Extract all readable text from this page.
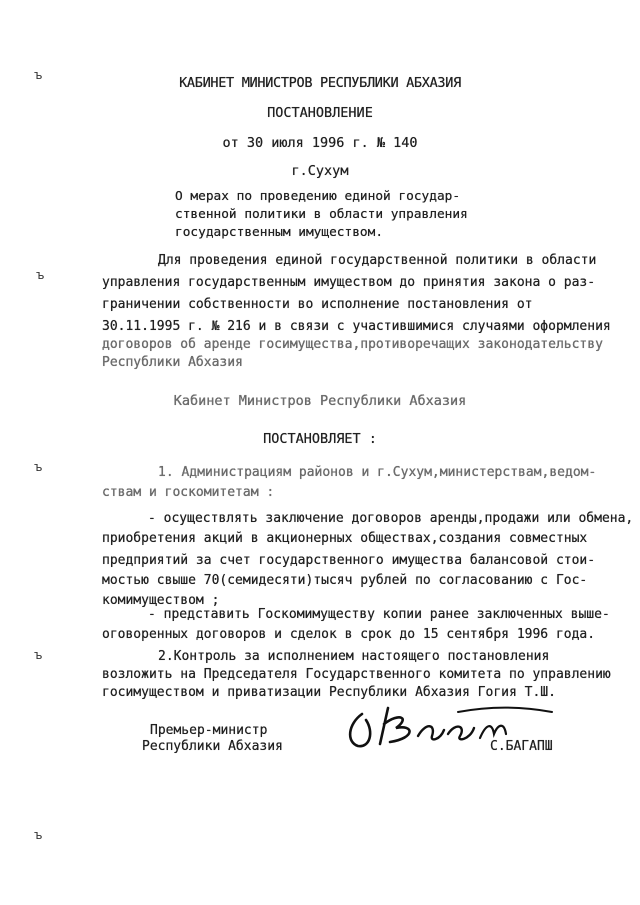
ъ
ъ
ъ
ъ
ъ
КАБИНЕТ МИНИСТРОВ РЕСПУБЛИКИ АБХАЗИЯ
ПОСТАНОВЛЕНИЕ
от 30 июля 1996 г. № 140
г.Сухум
О мерах по проведению единой государ-
ственной политики в области управления
государственным имуществом.
Для проведения единой государственной политики в области
управления государственным имуществом до принятия закона о раз-
граничении собственности во исполнение постановления от
30.11.1995 г. № 216 и в связи с участившимися случаями оформления
договоров об аренде госимущества,противоречащих законодательству
Республики Абхазия
Кабинет Министров Республики Абхазия
ПОСТАНОВЛЯЕТ :
1. Администрациям районов и г.Сухум,министерствам,ведом-
ствам и госкомитетам :
- осуществлять заключение договоров аренды,продажи или обмена,
приобретения акций в акционерных обществах,создания совместных
предприятий за счет государственного имущества балансовой стои-
мостью свыше 70(семидесяти)тысяч рублей по согласованию с Гос-
комимуществом ;
- представить Госкомимуществу копии ранее заключенных выше-
оговоренных договоров и сделок в срок до 15 сентября 1996 года.
2.Контроль за исполнением настоящего постановления
возложить на Председателя Государственного комитета по управлению
госимуществом и приватизации Республики Абхазия Гогия Т.Ш.
Премьер-министр
Республики Абхазия	С.БАГАПШ
